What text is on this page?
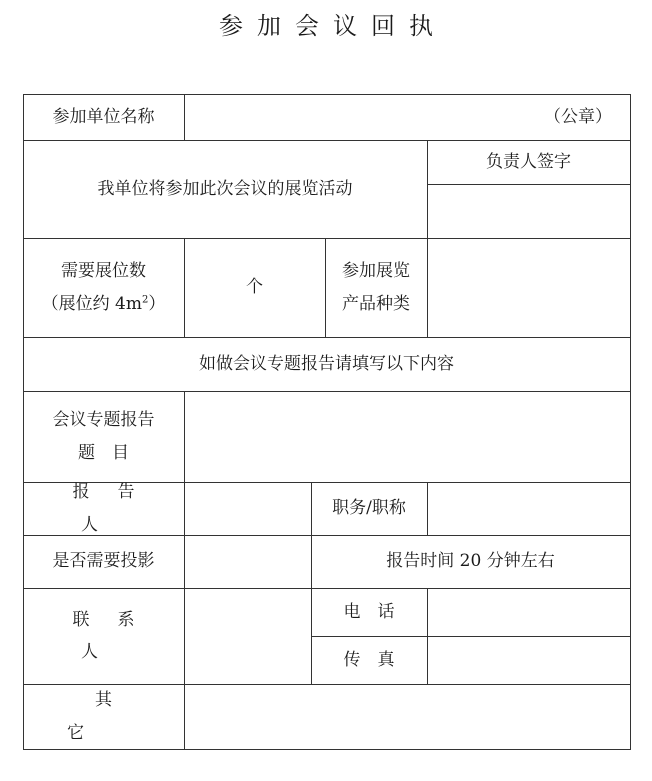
参加会议回执
参加单位名称	（公章）
我单位将参加此次会议的展览活动
负责人签字
需要展位数
（展位约 $4m^2$）
个
参加展览
产品种类
如做会议专题报告请填写以下内容
会议专题报告
题　目
报告人
职务/职称
是否需要投影	报告时间 20 分钟左右
联系人
电　话
传　真
其它
